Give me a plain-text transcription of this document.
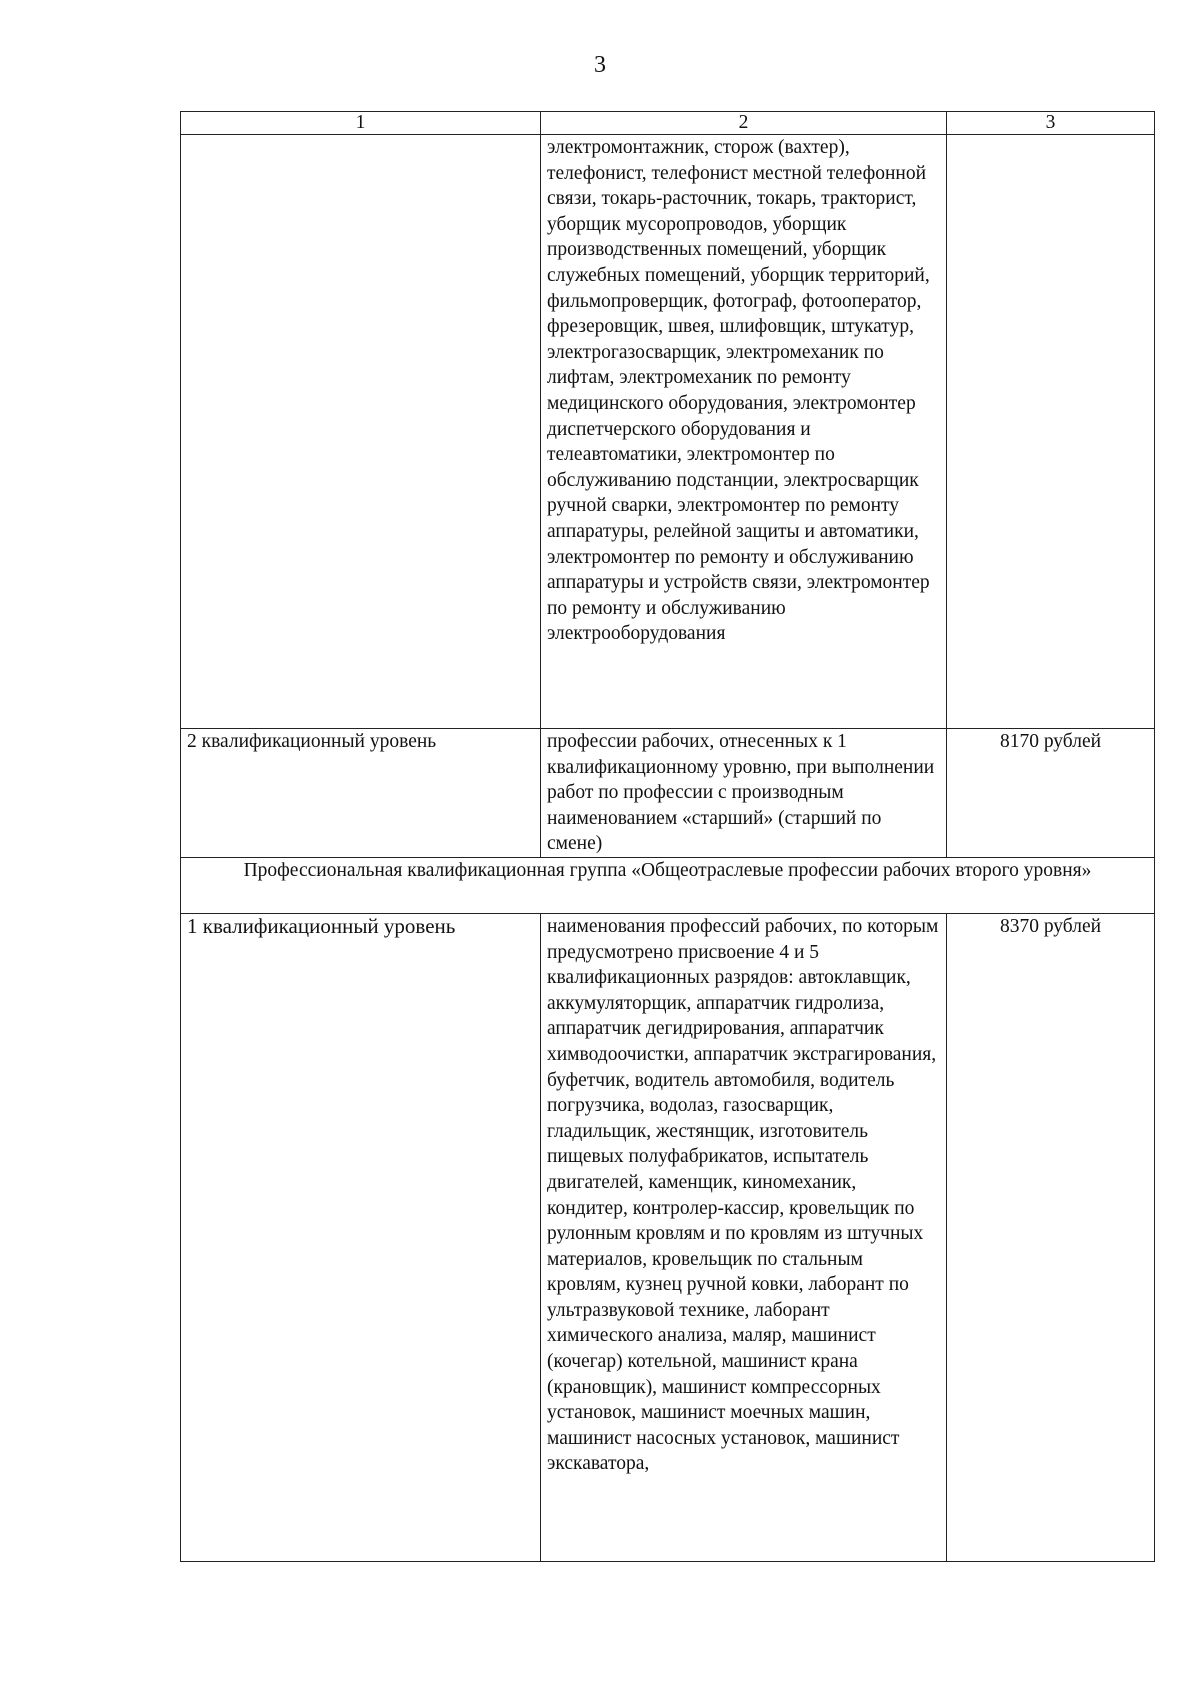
3
1	2	3
	электромонтажник, сторож (вахтер), телефонист, телефонист местной телефонной связи, токарь-расточник, токарь, тракторист, уборщик мусоропроводов, уборщик производственных помещений, уборщик служебных помещений, уборщик территорий, фильмопроверщик, фотограф, фотооператор, фрезеровщик, швея, шлифовщик, штукатур, электрогазосварщик, электромеханик по лифтам, электромеханик по ремонту медицинского оборудования, электромонтер диспетчерского оборудования и телеавтоматики, электромонтер по обслуживанию подстанции, электросварщик ручной сварки, электромонтер по ремонту аппаратуры, релейной защиты и автоматики, электромонтер по ремонту и обслуживанию аппаратуры и устройств связи, электромонтер по ремонту и обслуживанию электрооборудования	
2 квалификационный уровень	профессии рабочих, отнесенных к 1 квалификационному уровню, при выполнении работ по профессии с производным наименованием «старший» (старший по смене)	8170 рублей
Профессиональная квалификационная группа «Общеотраслевые профессии рабочих второго уровня»		
1 квалификационный уровень	наименования профессий рабочих, по которым предусмотрено присвоение 4 и 5 квалификационных разрядов: автоклавщик, аккумуляторщик, аппаратчик гидролиза, аппаратчик дегидрирования, аппаратчик химводоочистки, аппаратчик экстрагирования, буфетчик, водитель автомобиля, водитель погрузчика, водолаз, газосварщик, гладильщик, жестянщик, изготовитель пищевых полуфабрикатов, испытатель двигателей, каменщик, киномеханик, кондитер, контролер-кассир, кровельщик по рулонным кровлям и по кровлям из штучных материалов, кровельщик по стальным кровлям, кузнец ручной ковки, лаборант по ультразвуковой технике, лаборант химического анализа, маляр, машинист (кочегар) котельной, машинист крана (крановщик), машинист компрессорных установок, машинист моечных машин, машинист насосных установок, машинист экскаватора,	8370 рублей
